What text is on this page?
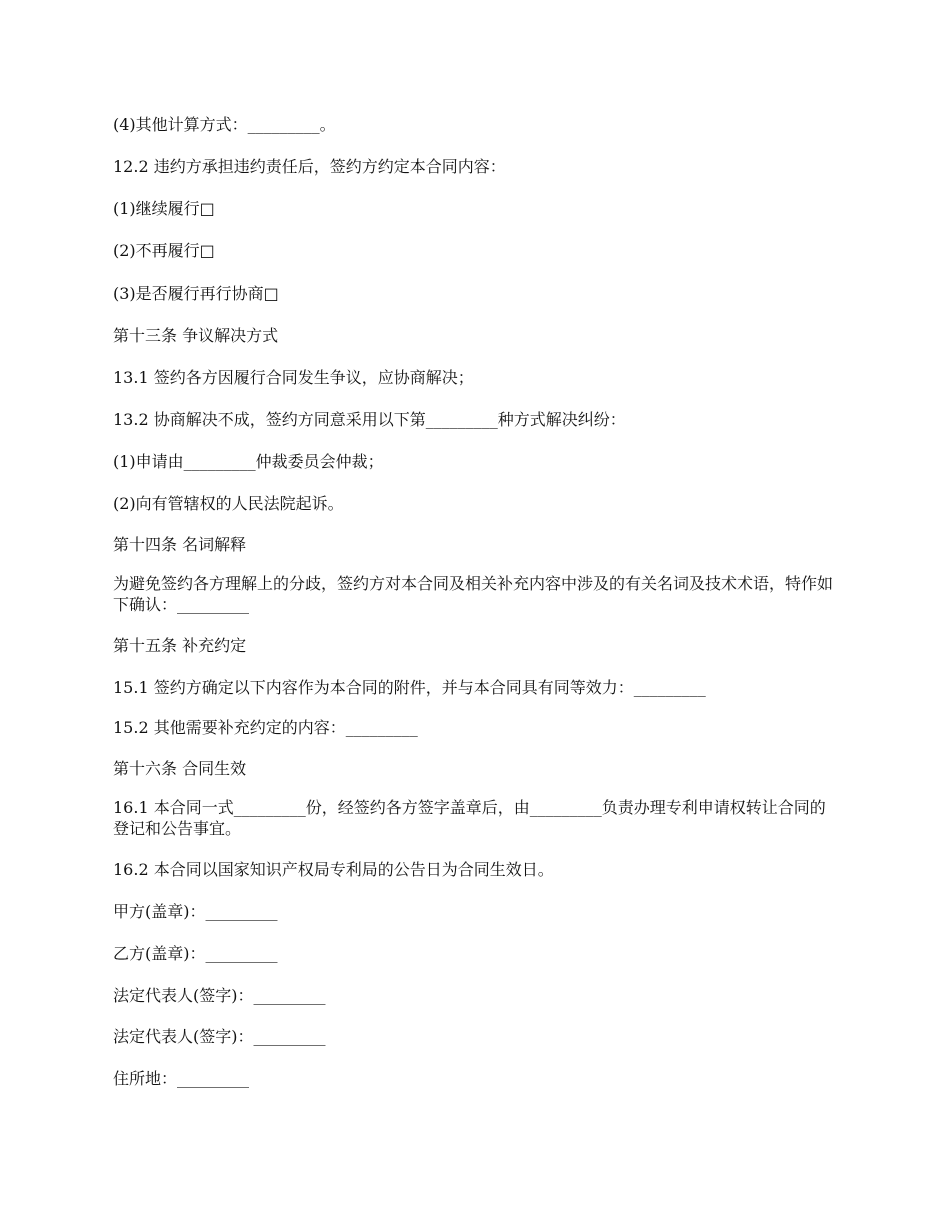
(4)其他计算方式：_________。
12.2 违约方承担违约责任后，签约方约定本合同内容：
(1)继续履行□
(2)不再履行□
(3)是否履行再行协商□
第十三条 争议解决方式
13.1 签约各方因履行合同发生争议，应协商解决；
13.2 协商解决不成，签约方同意采用以下第_________种方式解决纠纷：
(1)申请由_________仲裁委员会仲裁；
(2)向有管辖权的人民法院起诉。
第十四条 名词解释
为避免签约各方理解上的分歧，签约方对本合同及相关补充内容中涉及的有关名词及技术术语，特作如下确认：_________
第十五条 补充约定
15.1 签约方确定以下内容作为本合同的附件，并与本合同具有同等效力：_________
15.2 其他需要补充约定的内容：_________
第十六条 合同生效
16.1 本合同一式_________份，经签约各方签字盖章后，由_________负责办理专利申请权转让合同的登记和公告事宜。
16.2 本合同以国家知识产权局专利局的公告日为合同生效日。
甲方(盖章)：_________
乙方(盖章)：_________
法定代表人(签字)：_________
法定代表人(签字)：_________
住所地：_________
